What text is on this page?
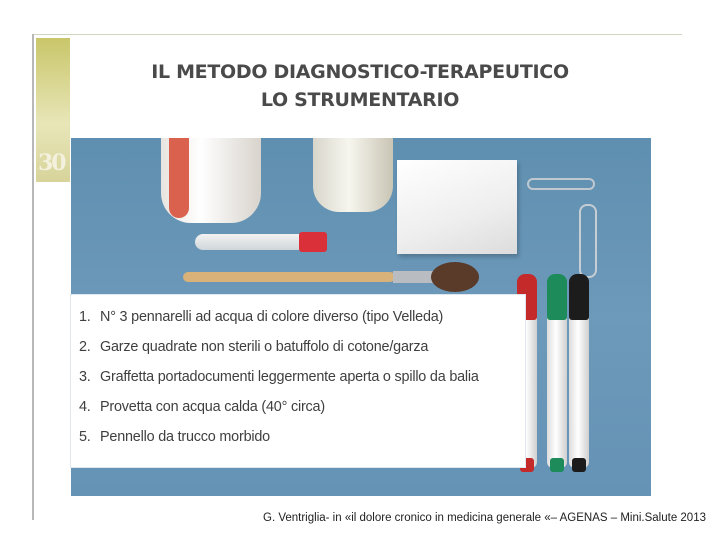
30
IL METODO DIAGNOSTICO-TERAPEUTICO
LO STRUMENTARIO
1. N° 3 pennarelli ad acqua di colore diverso (tipo Velleda)
2. Garze quadrate non sterili o batuffolo di cotone/garza
3. Graffetta portadocumenti leggermente aperta o spillo da balia
4. Provetta con acqua calda (40° circa)
5. Pennello da trucco morbido
G. Ventriglia- in «il dolore cronico in medicina generale «– AGENAS – Mini.Salute 2013
